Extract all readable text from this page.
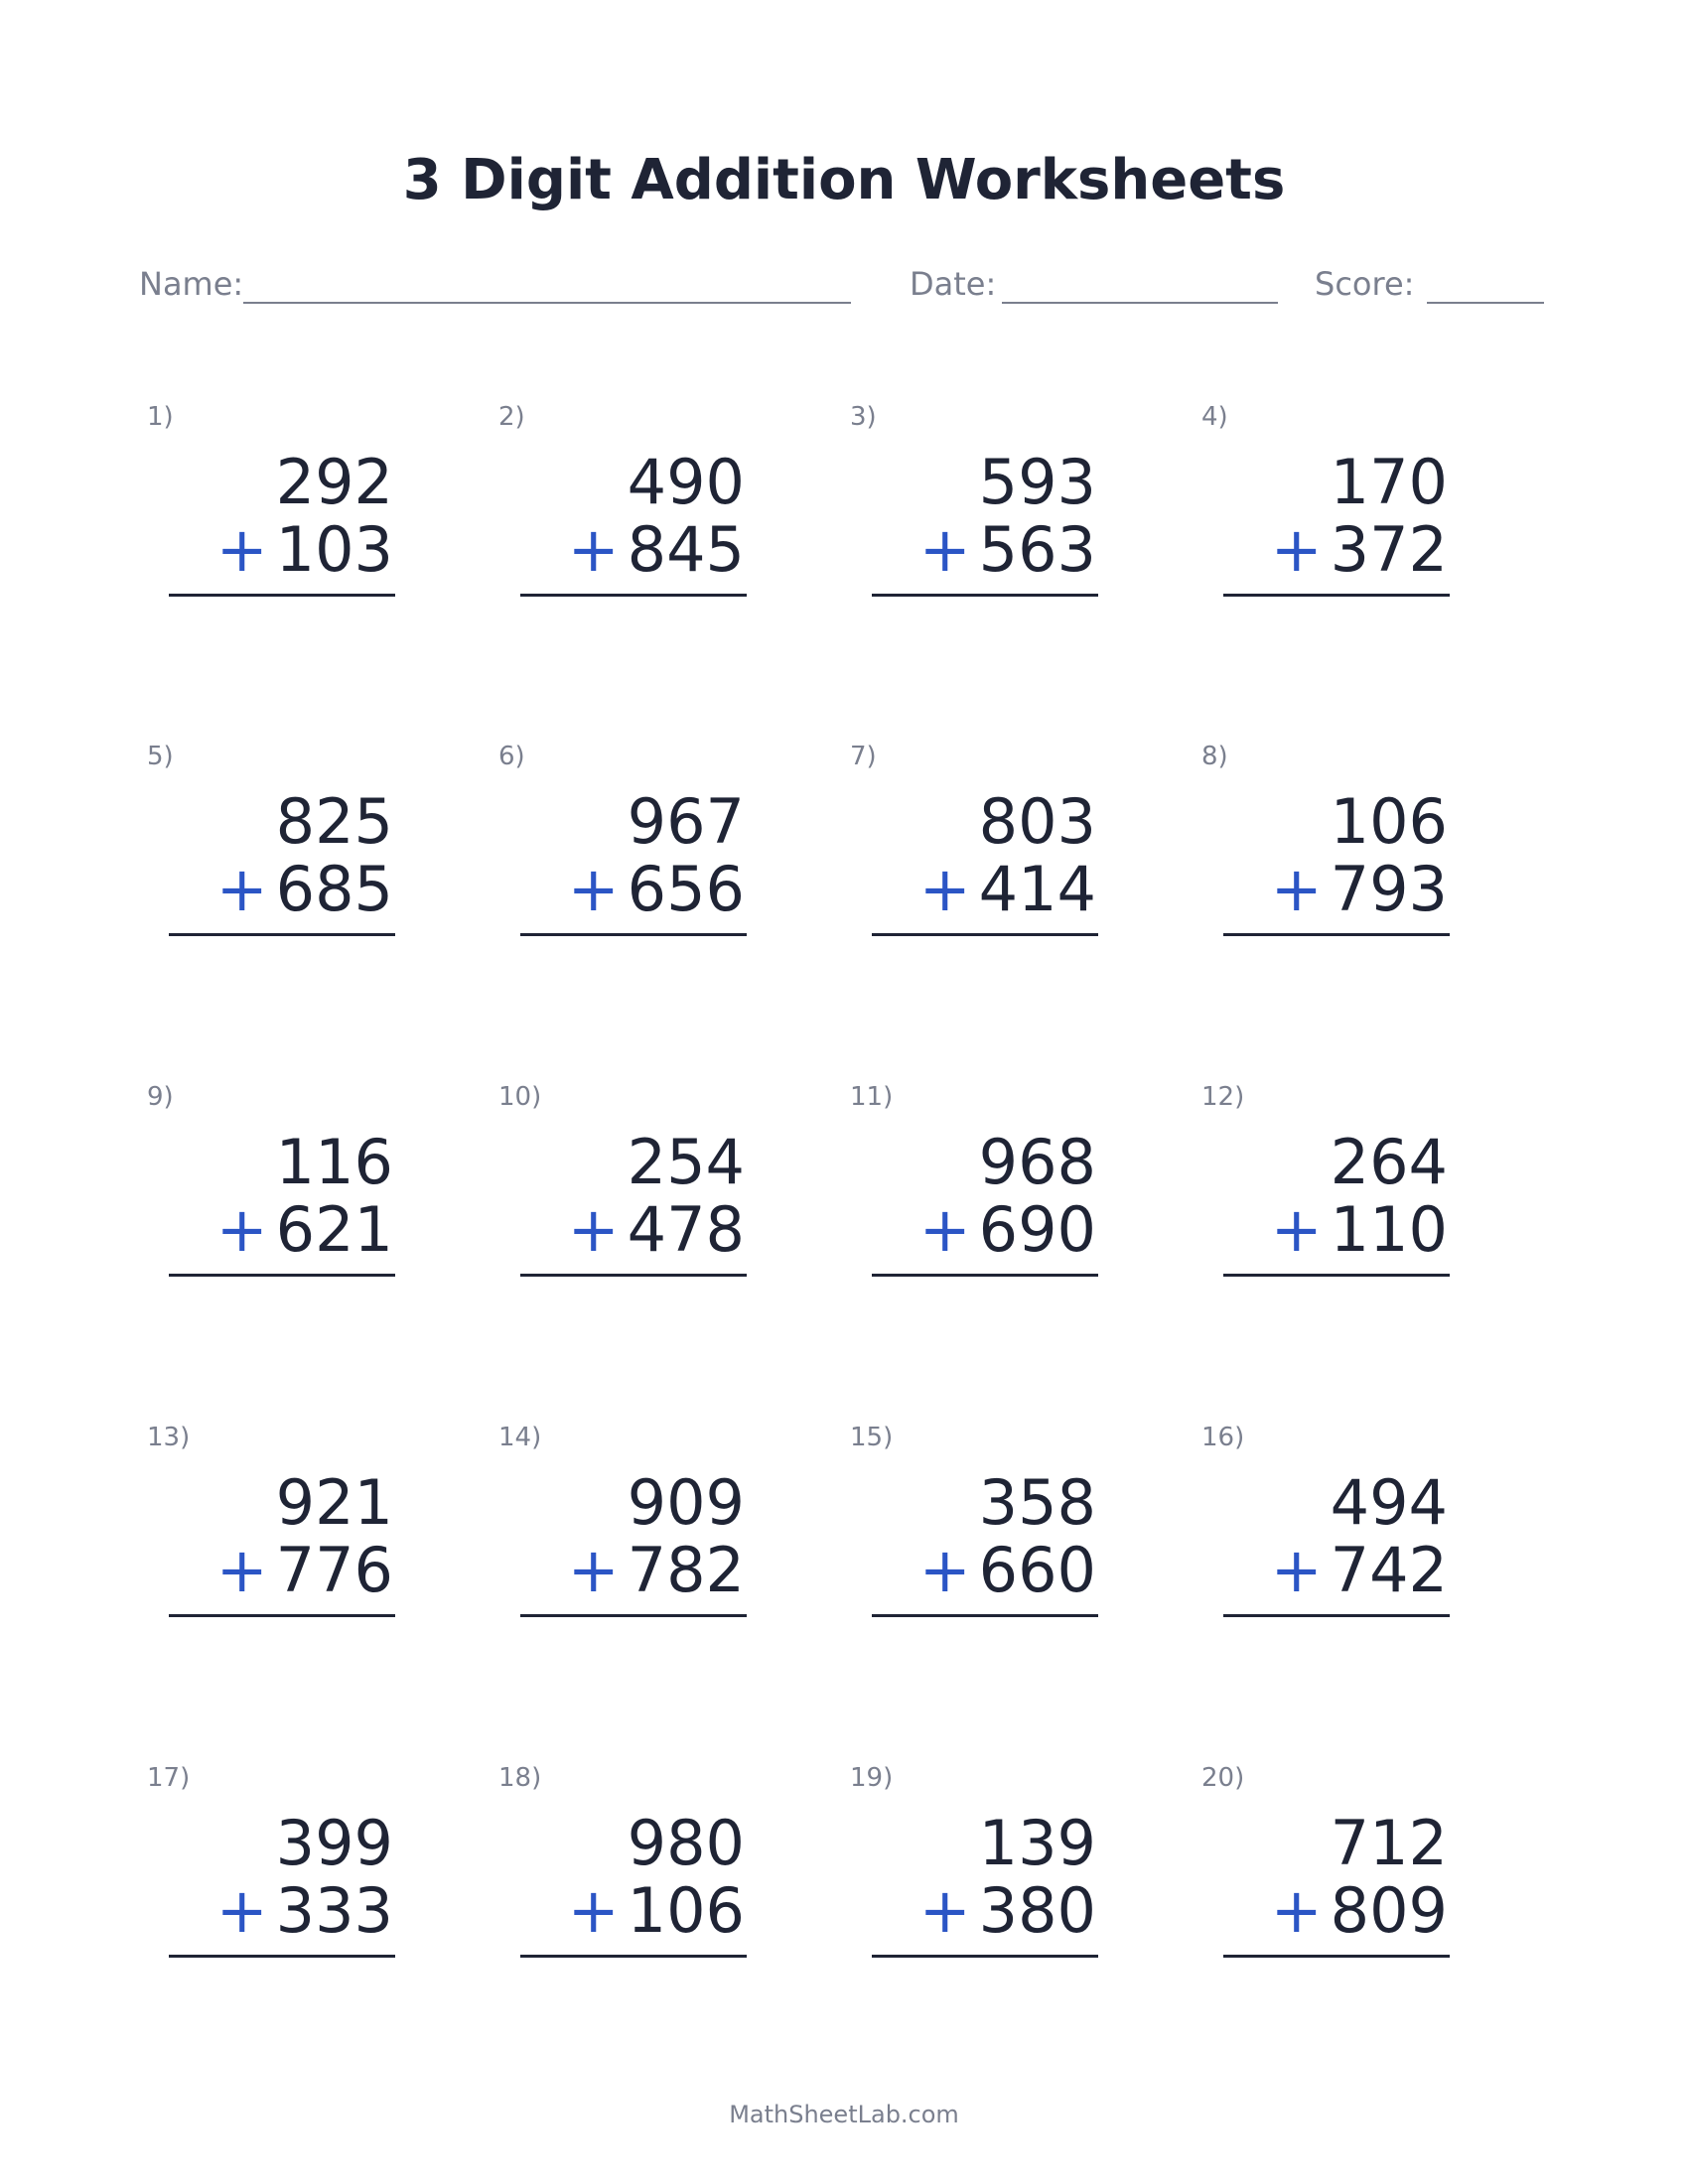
3 Digit Addition Worksheets
Name:	Date:	Score:
1)
292
+ 103
2)
490
+ 845
3)
593
+ 563
4)
170
+ 372
5)
825
+ 685
6)
967
+ 656
7)
803
+ 414
8)
106
+ 793
9)
116
+ 621
10)
254
+ 478
11)
968
+ 690
12)
264
+ 110
13)
921
+ 776
14)
909
+ 782
15)
358
+ 660
16)
494
+ 742
17)
399
+ 333
18)
980
+ 106
19)
139
+ 380
20)
712
+ 809
MathSheetLab.com
